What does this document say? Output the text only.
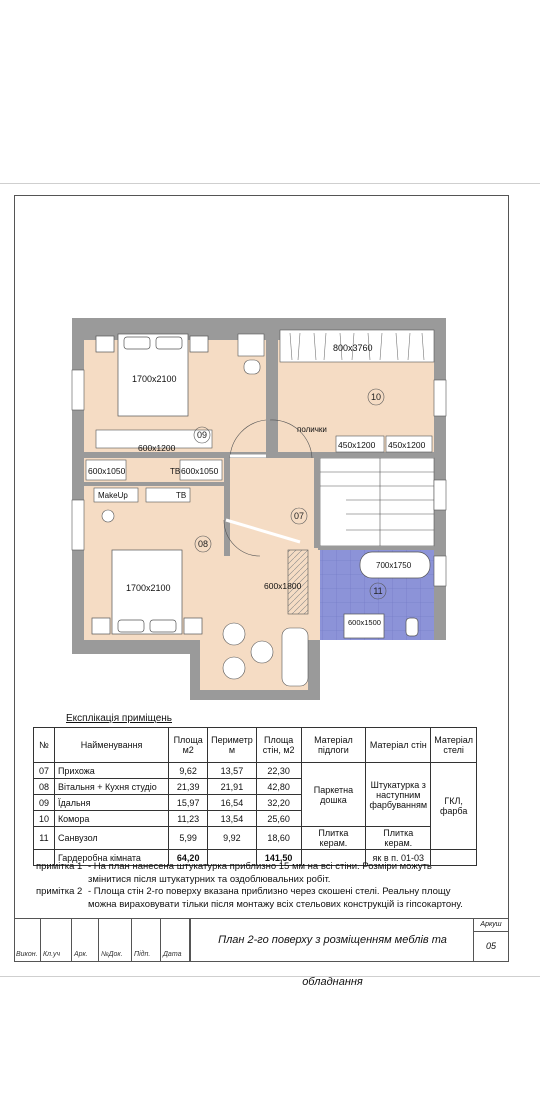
09
10
07
08
11
1700x2100
1700x2100
800x3760
полички
450x1200 450x1200
600x1200
600x1050	ТВ 600x1050
MakeUp	ТВ
600x1800
700x1750
600x1500
Експлікація приміщень
№	Найменування	Площа м2	Периметр м	Площа стін, м2	Матеріал підлоги	Матеріал стін	Матеріал стелі
07	Прихожа	9,62	13,57	22,30	Паркетна дошка	Штукатурка з наступним фарбуванням	ГКЛ, фарба
08	Вітальня + Кухня студіо	21,39	21,91	42,80			
09	Їдальня	15,97	16,54	32,20			
10	Комора	11,23	13,54	25,60			
11	Санвузол	5,99	9,92	18,60	Плитка керам.	Плитка керам.	
	Гардеробна кімната	64,20		141,50		як в п. 01-03	
примітка 1 - На план нанесена штукатурка приблизно 15 мм на всі стіни. Розміри можуть змінитися після штукатурних та оздоблювальних робіт.
примітка 2 - Площа стін 2-го поверху вказана приблизно через скошені стелі. Реальну площу можна вираховувати тільки після монтажу всіх стельових конструкцій із гіпсокартону.
Викон. Кл.уч Арк. №Док. Підп. Дата
План 2-го поверху з розміщенням меблів та обладнання
Аркуш
05
